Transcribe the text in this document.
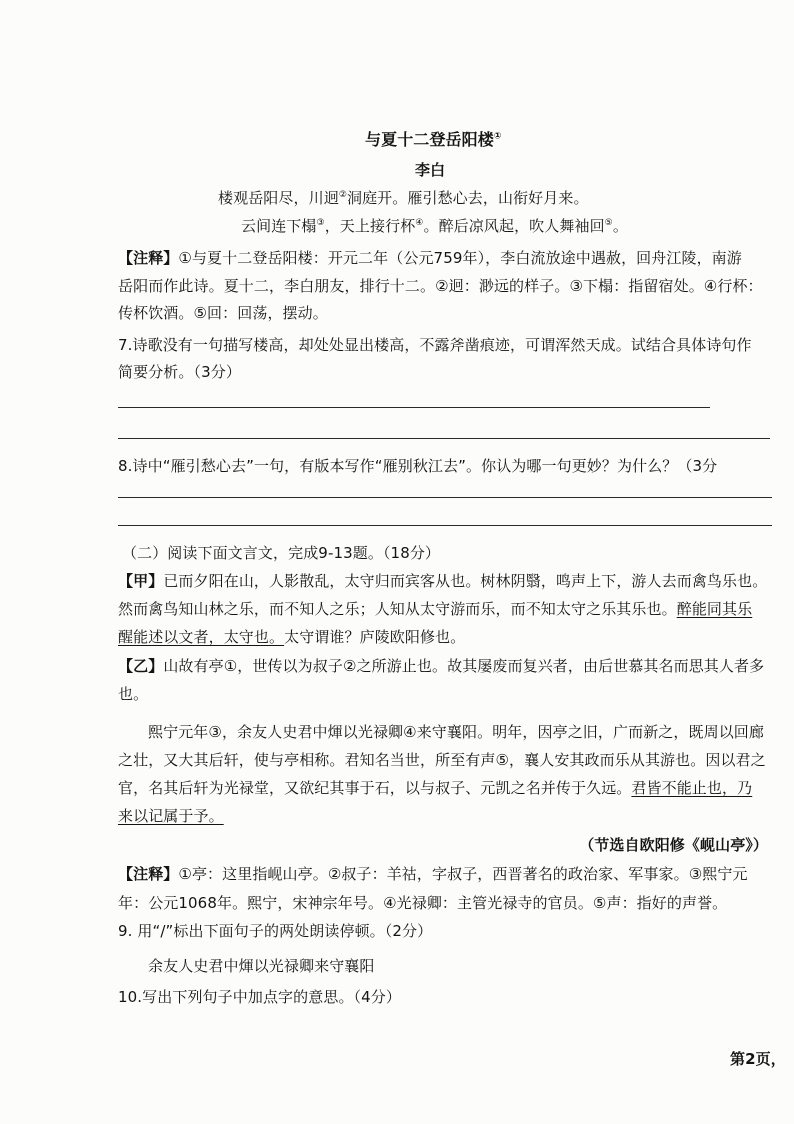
与夏十二登岳阳楼①
李白
楼观岳阳尽，川迥②洞庭开。雁引愁心去，山衔好月来。
云间连下榻③，天上接行杯④。醉后凉风起，吹人舞袖回⑤。
【注释】①与夏十二登岳阳楼：开元二年（公元759年），李白流放途中遇赦，回舟江陵，南游
岳阳而作此诗。夏十二，李白朋友，排行十二。②迥：渺远的样子。③下榻：指留宿处。④行杯：
传杯饮酒。⑤回：回荡，摆动。
7.诗歌没有一句描写楼高，却处处显出楼高，不露斧凿痕迹，可谓浑然天成。试结合具体诗句作
简要分析。（3分）
8.诗中“雁引愁心去”一句，有版本写作“雁别秋江去”。你认为哪一句更妙？为什么？（3分
（二）阅读下面文言文，完成9-13题。（18分）
【甲】已而夕阳在山，人影散乱，太守归而宾客从也。树林阴翳，鸣声上下，游人去而禽鸟乐也。
然而禽鸟知山林之乐，而不知人之乐；人知从太守游而乐，而不知太守之乐其乐也。醉能同其乐
醒能述以文者，太守也。太守谓谁？庐陵欧阳修也。
【乙】山故有亭①，世传以为叔子②之所游止也。故其屡废而复兴者，由后世慕其名而思其人者多
也。
熙宁元年③，余友人史君中煇以光禄卿④来守襄阳。明年，因亭之旧，广而新之，既周以回廊
之壮，又大其后轩，使与亭相称。君知名当世，所至有声⑤，襄人安其政而乐从其游也。因以君之
官，名其后轩为光禄堂，又欲纪其事于石，以与叔子、元凯之名并传于久远。君皆不能止也，乃
来以记属于予。
（节选自欧阳修《岘山亭》）
【注释】①亭：这里指岘山亭。②叔子：羊祜，字叔子，西晋著名的政治家、军事家。③熙宁元
年：公元1068年。熙宁，宋神宗年号。④光禄卿：主管光禄寺的官员。⑤声：指好的声誉。
9. 用“/”标出下面句子的两处朗读停顿。（2分）
余友人史君中煇以光禄卿来守襄阳
10.写出下列句子中加点字的意思。（4分）
第2页，
